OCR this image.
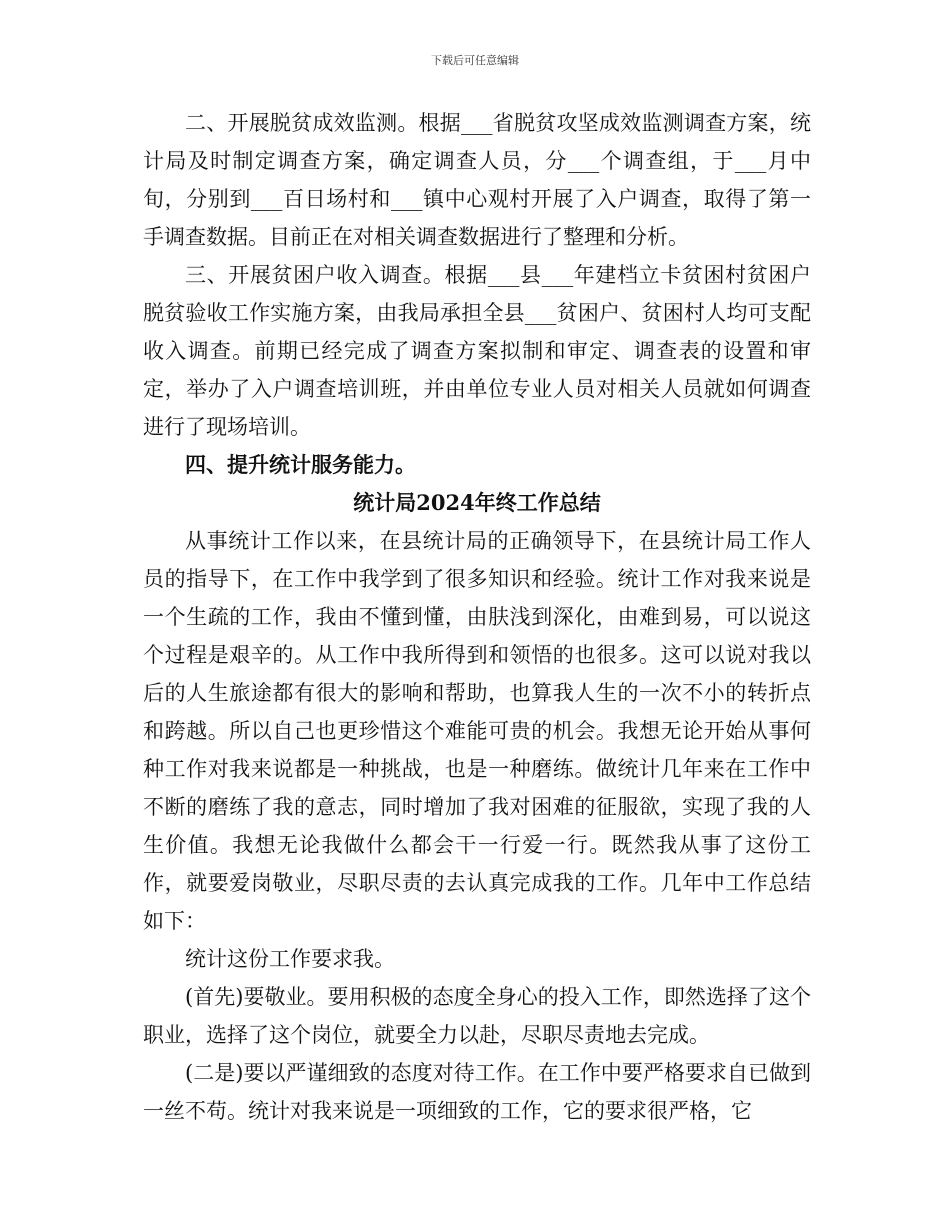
下载后可任意编辑

二、开展脱贫成效监测。根据___省脱贫攻坚成效监测调查方案，统计局及时制定调查方案，确定调查人员，分___个调查组，于___月中旬，分别到___百日场村和___镇中心观村开展了入户调查，取得了第一手调查数据。目前正在对相关调查数据进行了整理和分析。

三、开展贫困户收入调查。根据___县___年建档立卡贫困村贫困户脱贫验收工作实施方案，由我局承担全县___贫困户、贫困村人均可支配收入调查。前期已经完成了调查方案拟制和审定、调查表的设置和审定，举办了入户调查培训班，并由单位专业人员对相关人员就如何调查进行了现场培训。

四、提升统计服务能力。

统计局2024年终工作总结

从事统计工作以来，在县统计局的正确领导下，在县统计局工作人员的指导下，在工作中我学到了很多知识和经验。统计工作对我来说是一个生疏的工作，我由不懂到懂，由肤浅到深化，由难到易，可以说这个过程是艰辛的。从工作中我所得到和领悟的也很多。这可以说对我以后的人生旅途都有很大的影响和帮助，也算我人生的一次不小的转折点和跨越。所以自己也更珍惜这个难能可贵的机会。我想无论开始从事何种工作对我来说都是一种挑战，也是一种磨练。做统计几年来在工作中不断的磨练了我的意志，同时增加了我对困难的征服欲，实现了我的人生价值。我想无论我做什么都会干一行爱一行。既然我从事了这份工作，就要爱岗敬业，尽职尽责的去认真完成我的工作。几年中工作总结如下：

统计这份工作要求我。

(首先)要敬业。要用积极的态度全身心的投入工作，即然选择了这个职业，选择了这个岗位，就要全力以赴，尽职尽责地去完成。

(二是)要以严谨细致的态度对待工作。在工作中要严格要求自已做到一丝不苟。统计对我来说是一项细致的工作，它的要求很严格，它
